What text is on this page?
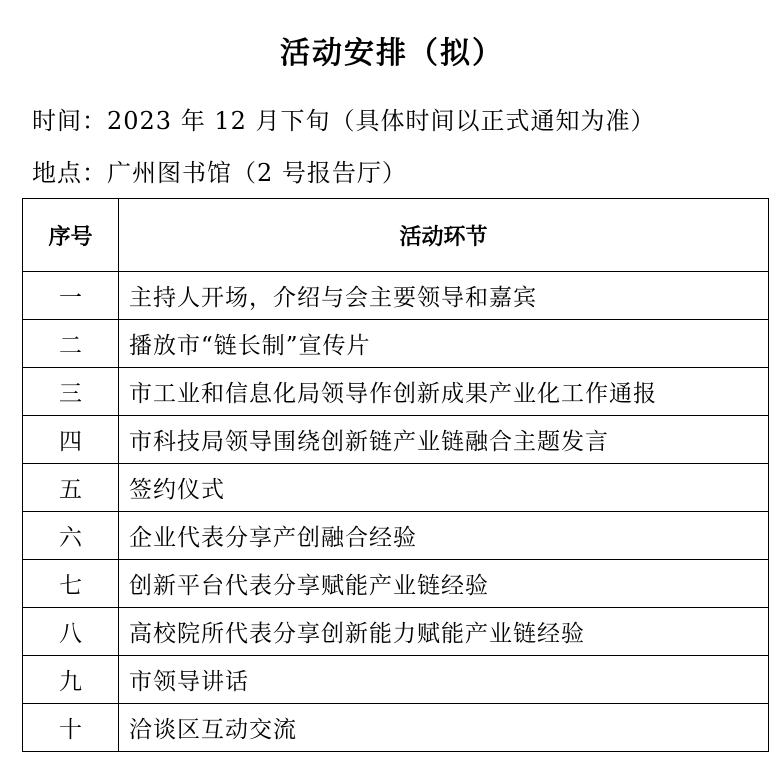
活动安排（拟）
时间：2023 年 12 月下旬（具体时间以正式通知为准）
地点：广州图书馆（2 号报告厅）
序号	活动环节
一	主持人开场，介绍与会主要领导和嘉宾
二	播放市“链长制”宣传片
三	市工业和信息化局领导作创新成果产业化工作通报
四	市科技局领导围绕创新链产业链融合主题发言
五	签约仪式
六	企业代表分享产创融合经验
七	创新平台代表分享赋能产业链经验
八	高校院所代表分享创新能力赋能产业链经验
九	市领导讲话
十	洽谈区互动交流
